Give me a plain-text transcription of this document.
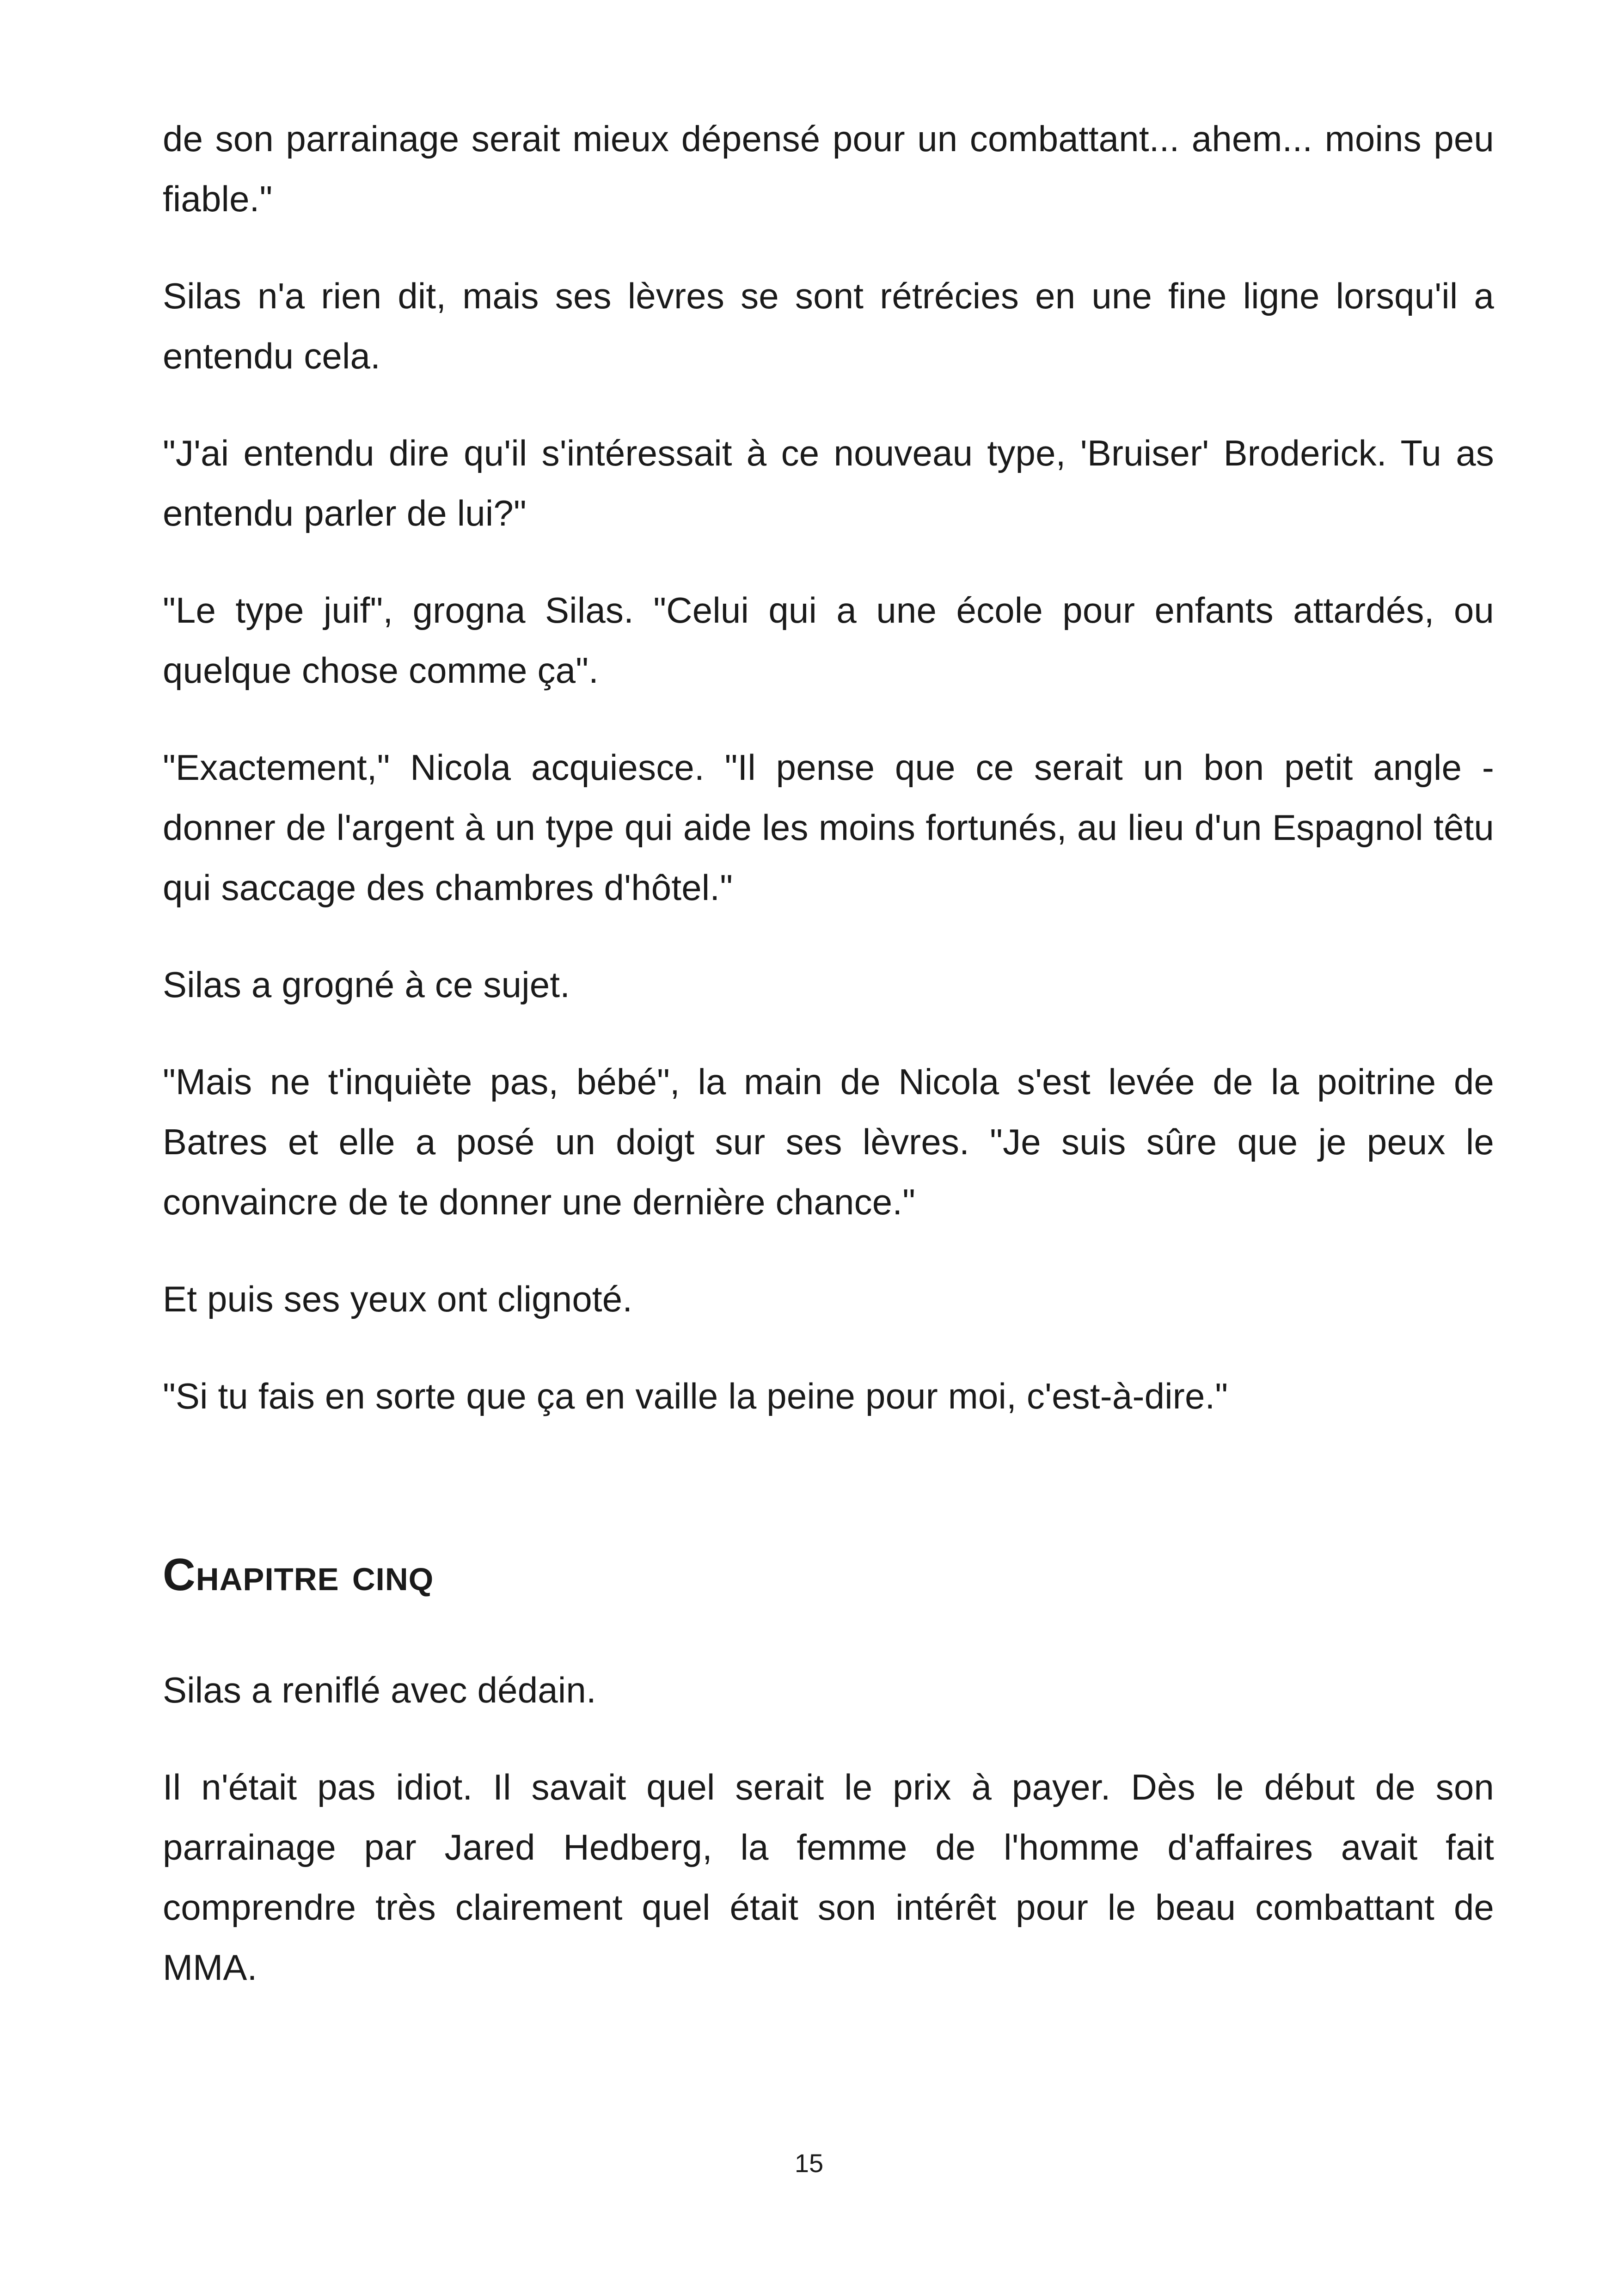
de son parrainage serait mieux dépensé pour un combattant... ahem... moins peu fiable."

Silas n'a rien dit, mais ses lèvres se sont rétrécies en une fine ligne lorsqu'il a entendu cela.

"J'ai entendu dire qu'il s'intéressait à ce nouveau type, 'Bruiser' Broderick. Tu as entendu parler de lui?"

"Le type juif", grogna Silas. "Celui qui a une école pour enfants attardés, ou quelque chose comme ça".

"Exactement," Nicola acquiesce. "Il pense que ce serait un bon petit angle - donner de l'argent à un type qui aide les moins fortunés, au lieu d'un Espagnol têtu qui saccage des chambres d'hôtel."

Silas a grogné à ce sujet.

"Mais ne t'inquiète pas, bébé", la main de Nicola s'est levée de la poitrine de Batres et elle a posé un doigt sur ses lèvres. "Je suis sûre que je peux le convaincre de te donner une dernière chance."

Et puis ses yeux ont clignoté.

"Si tu fais en sorte que ça en vaille la peine pour moi, c'est-à-dire."

Chapitre cinq

Silas a reniflé avec dédain.

Il n'était pas idiot. Il savait quel serait le prix à payer. Dès le début de son parrainage par Jared Hedberg, la femme de l'homme d'affaires avait fait comprendre très clairement quel était son intérêt pour le beau combattant de MMA.

15
